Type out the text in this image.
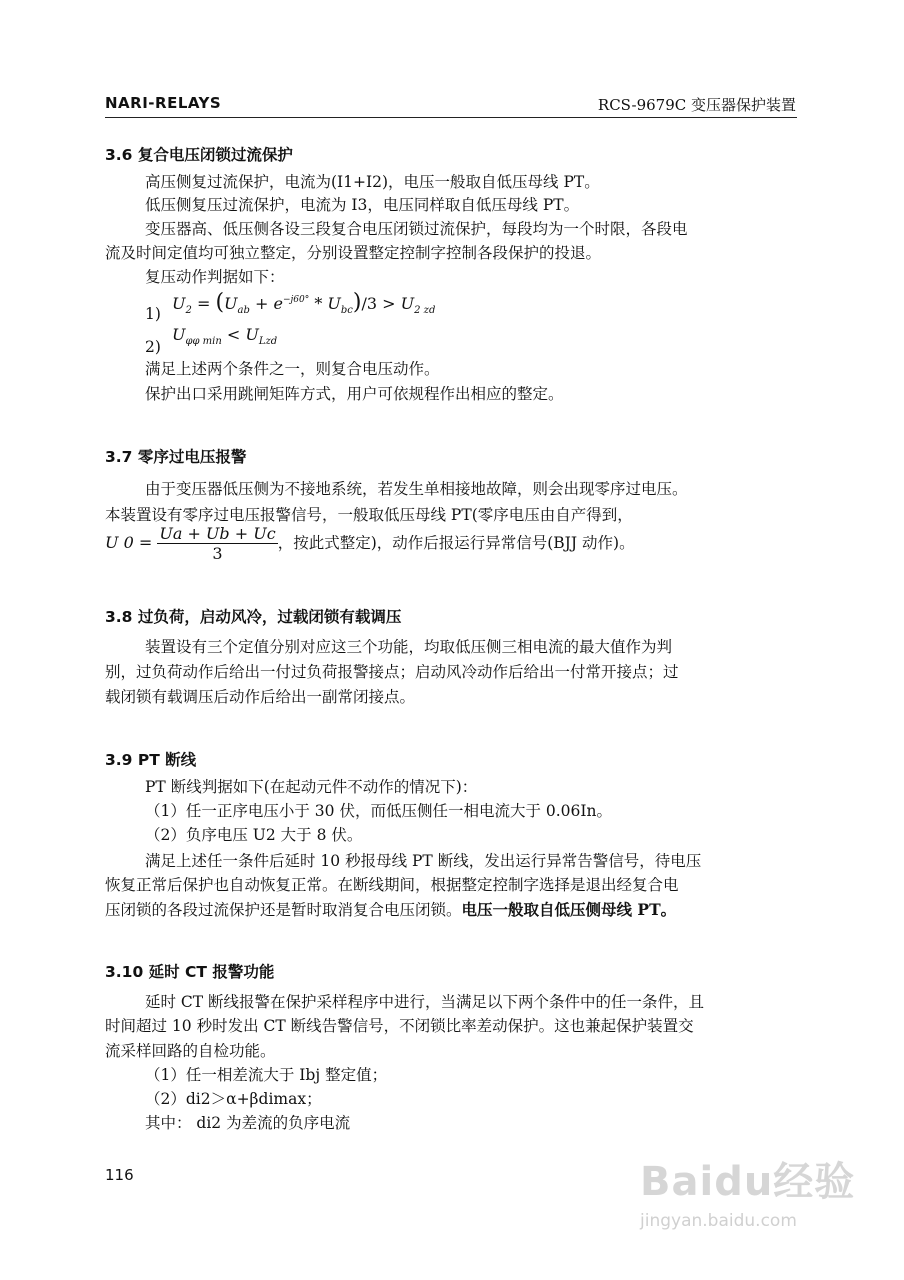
NARI-RELAYS	RCS-9679C 变压器保护装置
3.6 复合电压闭锁过流保护
高压侧复过流保护，电流为(I1+I2)，电压一般取自低压母线 PT。
低压侧复压过流保护，电流为 I3，电压同样取自低压母线 PT。
变压器高、低压侧各设三段复合电压闭锁过流保护，每段均为一个时限，各段电
流及时间定值均可独立整定，分别设置整定控制字控制各段保护的投退。
复压动作判据如下：
1)
$U_2 = (U_{ab} + e^{-j60^\circ} * U_{bc})/3 > U_{2 zd}$
2)
$U_{\varphi\varphi min} < U_{Lzd}$
满足上述两个条件之一，则复合电压动作。
保护出口采用跳闸矩阵方式，用户可依规程作出相应的整定。
3.7 零序过电压报警
由于变压器低压侧为不接地系统，若发生单相接地故障，则会出现零序过电压。
本装置设有零序过电压报警信号，一般取低压母线 PT(零序电压由自产得到，
U $0 = \frac{Ua + Ub + Uc}{3}$ ，按此式整定)，动作后报运行异常信号(BJJ 动作)。
3.8 过负荷，启动风冷，过载闭锁有载调压
装置设有三个定值分别对应这三个功能，均取低压侧三相电流的最大值作为判
别，过负荷动作后给出一付过负荷报警接点；启动风冷动作后给出一付常开接点；过
载闭锁有载调压后动作后给出一副常闭接点。
3.9 PT 断线
PT 断线判据如下(在起动元件不动作的情况下)：
（1）任一正序电压小于 30 伏，而低压侧任一相电流大于 0.06In。
（2）负序电压 U2 大于 8 伏。
满足上述任一条件后延时 10 秒报母线 PT 断线，发出运行异常告警信号，待电压
恢复正常后保护也自动恢复正常。在断线期间，根据整定控制字选择是退出经复合电
压闭锁的各段过流保护还是暂时取消复合电压闭锁。电压一般取自低压侧母线 PT。
3.10 延时 CT 报警功能
延时 CT 断线报警在保护采样程序中进行，当满足以下两个条件中的任一条件，且
时间超过 10 秒时发出 CT 断线告警信号，不闭锁比率差动保护。这也兼起保护装置交
流采样回路的自检功能。
（1）任一相差流大于 Ibj 整定值；
（2）di2＞α+βdimax；
其中： di2 为差流的负序电流
116	Baidu经验
jingyan.baidu.com
